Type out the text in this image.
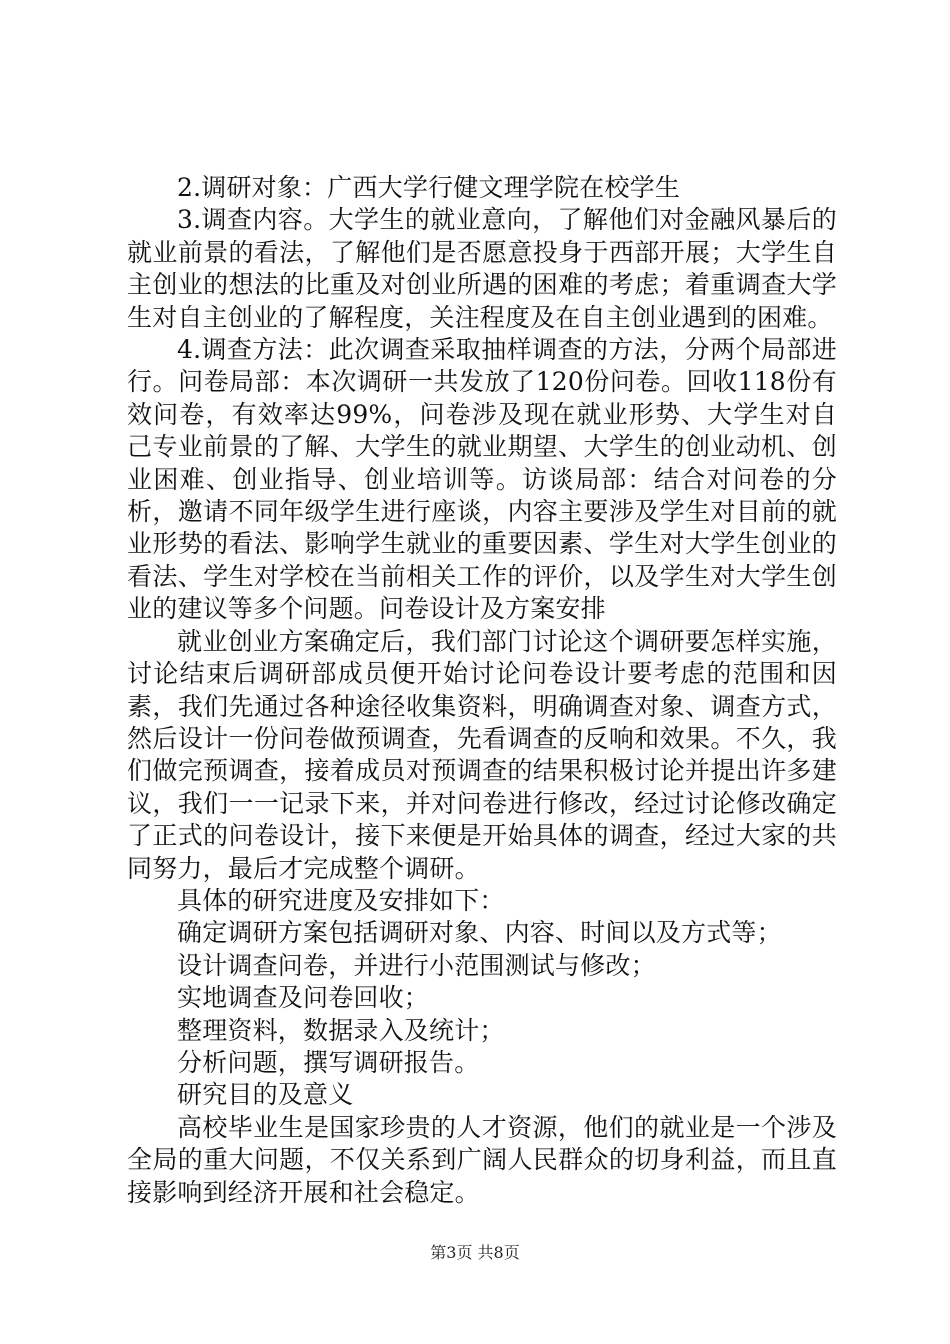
2.调研对象：广西大学行健文理学院在校学生

3.调查内容。大学生的就业意向，了解他们对金融风暴后的就业前景的看法，了解他们是否愿意投身于西部开展；大学生自主创业的想法的比重及对创业所遇的困难的考虑；着重调查大学生对自主创业的了解程度，关注程度及在自主创业遇到的困难。

4.调查方法：此次调查采取抽样调查的方法，分两个局部进行。问卷局部：本次调研一共发放了120份问卷。回收118份有效问卷，有效率达99%，问卷涉及现在就业形势、大学生对自己专业前景的了解、大学生的就业期望、大学生的创业动机、创业困难、创业指导、创业培训等。访谈局部：结合对问卷的分析，邀请不同年级学生进行座谈，内容主要涉及学生对目前的就业形势的看法、影响学生就业的重要因素、学生对大学生创业的看法、学生对学校在当前相关工作的评价，以及学生对大学生创业的建议等多个问题。问卷设计及方案安排

就业创业方案确定后，我们部门讨论这个调研要怎样实施，讨论结束后调研部成员便开始讨论问卷设计要考虑的范围和因素，我们先通过各种途径收集资料，明确调查对象、调查方式，然后设计一份问卷做预调查，先看调查的反响和效果。不久，我们做完预调查，接着成员对预调查的结果积极讨论并提出许多建议，我们一一记录下来，并对问卷进行修改，经过讨论修改确定了正式的问卷设计，接下来便是开始具体的调查，经过大家的共同努力，最后才完成整个调研。

具体的研究进度及安排如下：

确定调研方案包括调研对象、内容、时间以及方式等；

设计调查问卷，并进行小范围测试与修改；

实地调查及问卷回收；

整理资料，数据录入及统计；

分析问题，撰写调研报告。

研究目的及意义

高校毕业生是国家珍贵的人才资源，他们的就业是一个涉及全局的重大问题，不仅关系到广阔人民群众的切身利益，而且直接影响到经济开展和社会稳定。

第3页 共8页
